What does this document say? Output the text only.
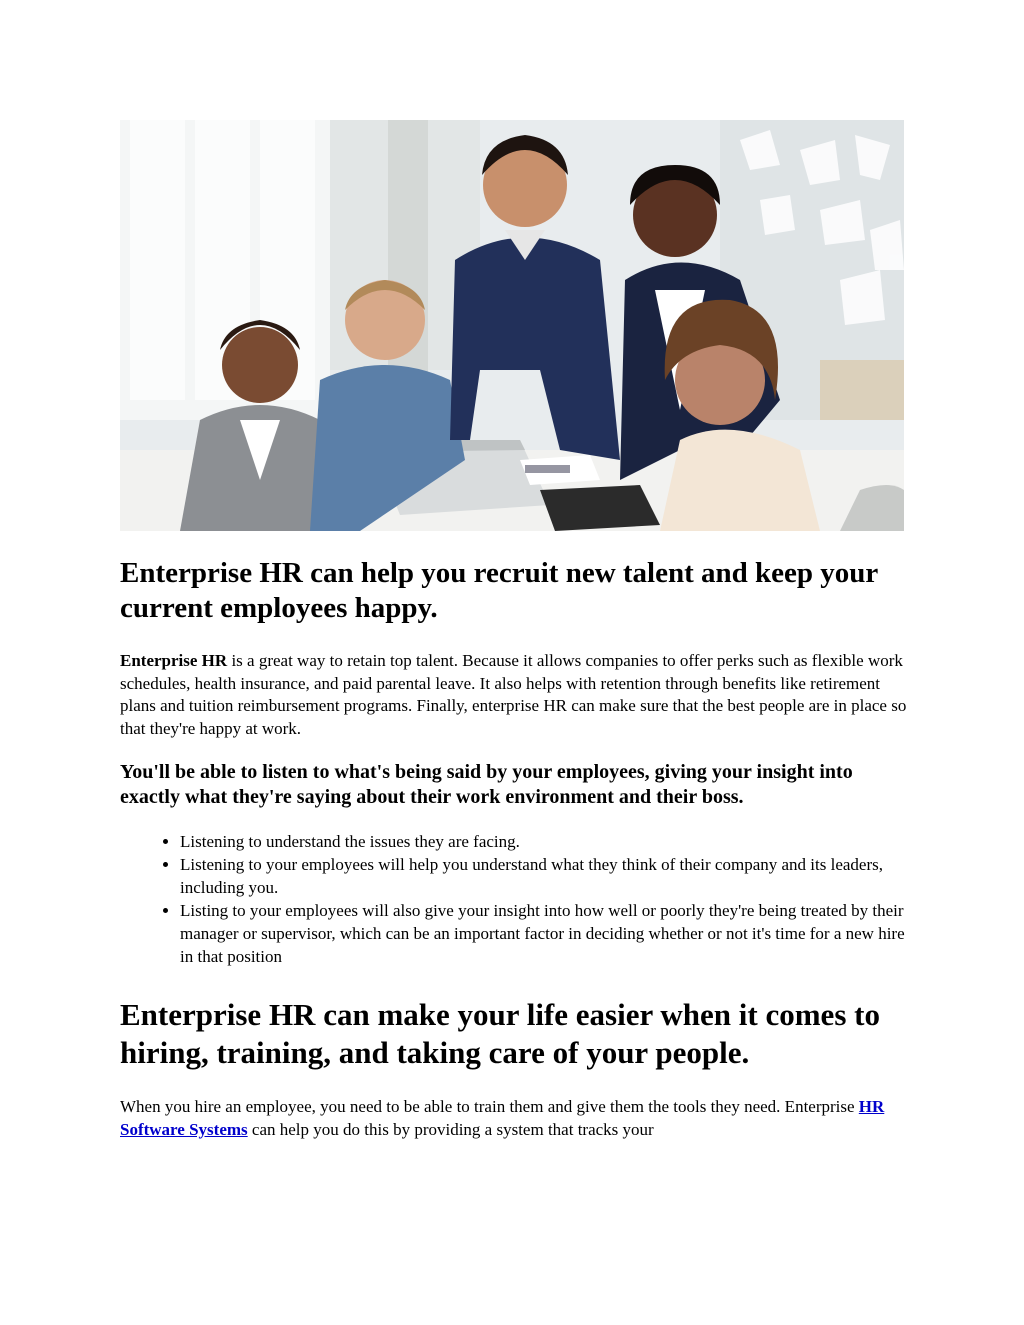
Enterprise HR can help you recruit new talent and keep your current employees happy.

Enterprise HR is a great way to retain top talent. Because it allows companies to offer perks such as flexible work schedules, health insurance, and paid parental leave. It also helps with retention through benefits like retirement plans and tuition reimbursement programs. Finally, enterprise HR can make sure that the best people are in place so that they're happy at work.

You'll be able to listen to what's being said by your employees, giving your insight into exactly what they're saying about their work environment and their boss.
• Listening to understand the issues they are facing.
• Listening to your employees will help you understand what they think of their company and its leaders, including you.
• Listing to your employees will also give your insight into how well or poorly they're being treated by their manager or supervisor, which can be an important factor in deciding whether or not it's time for a new hire in that position
Enterprise HR can make your life easier when it comes to hiring, training, and taking care of your people.

When you hire an employee, you need to be able to train them and give them the tools they need. Enterprise HR Software Systems can help you do this by providing a system that tracks your
